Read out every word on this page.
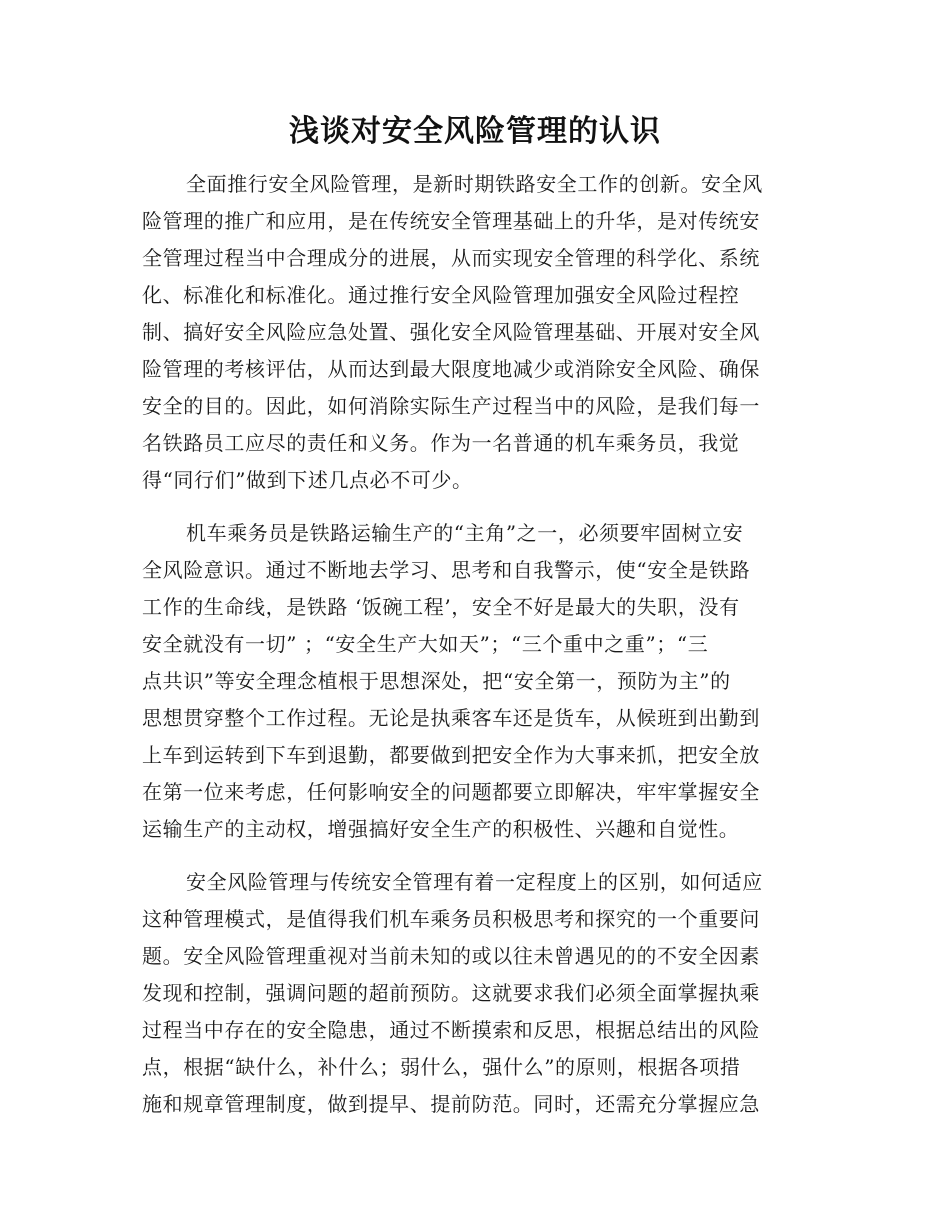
浅谈对安全风险管理的认识
全面推行安全风险管理，是新时期铁路安全工作的创新。安全风
险管理的推广和应用，是在传统安全管理基础上的升华，是对传统安
全管理过程当中合理成分的进展，从而实现安全管理的科学化、系统
化、标准化和标准化。通过推行安全风险管理加强安全风险过程控
制、搞好安全风险应急处置、强化安全风险管理基础、开展对安全风
险管理的考核评估，从而达到最大限度地减少或消除安全风险、确保
安全的目的。因此，如何消除实际生产过程当中的风险，是我们每一
名铁路员工应尽的责任和义务。作为一名普通的机车乘务员，我觉
得“同行们”做到下述几点必不可少。
机车乘务员是铁路运输生产的“主角”之一，必须要牢固树立安
全风险意识。通过不断地去学习、思考和自我警示，使“安全是铁路
工作的生命线，是铁路 ‘饭碗工程’，安全不好是最大的失职，没有
安全就没有一切” ；“安全生产大如天”；“三个重中之重”；“三
点共识”等安全理念植根于思想深处，把“安全第一，预防为主”的
思想贯穿整个工作过程。无论是执乘客车还是货车，从候班到出勤到
上车到运转到下车到退勤，都要做到把安全作为大事来抓，把安全放
在第一位来考虑，任何影响安全的问题都要立即解决，牢牢掌握安全
运输生产的主动权，增强搞好安全生产的积极性、兴趣和自觉性。
安全风险管理与传统安全管理有着一定程度上的区别，如何适应
这种管理模式，是值得我们机车乘务员积极思考和探究的一个重要问
题。安全风险管理重视对当前未知的或以往未曾遇见的的不安全因素
发现和控制，强调问题的超前预防。这就要求我们必须全面掌握执乘
过程当中存在的安全隐患，通过不断摸索和反思，根据总结出的风险
点，根据“缺什么，补什么；弱什么，强什么”的原则，根据各项措
施和规章管理制度，做到提早、提前防范。同时，还需充分掌握应急
